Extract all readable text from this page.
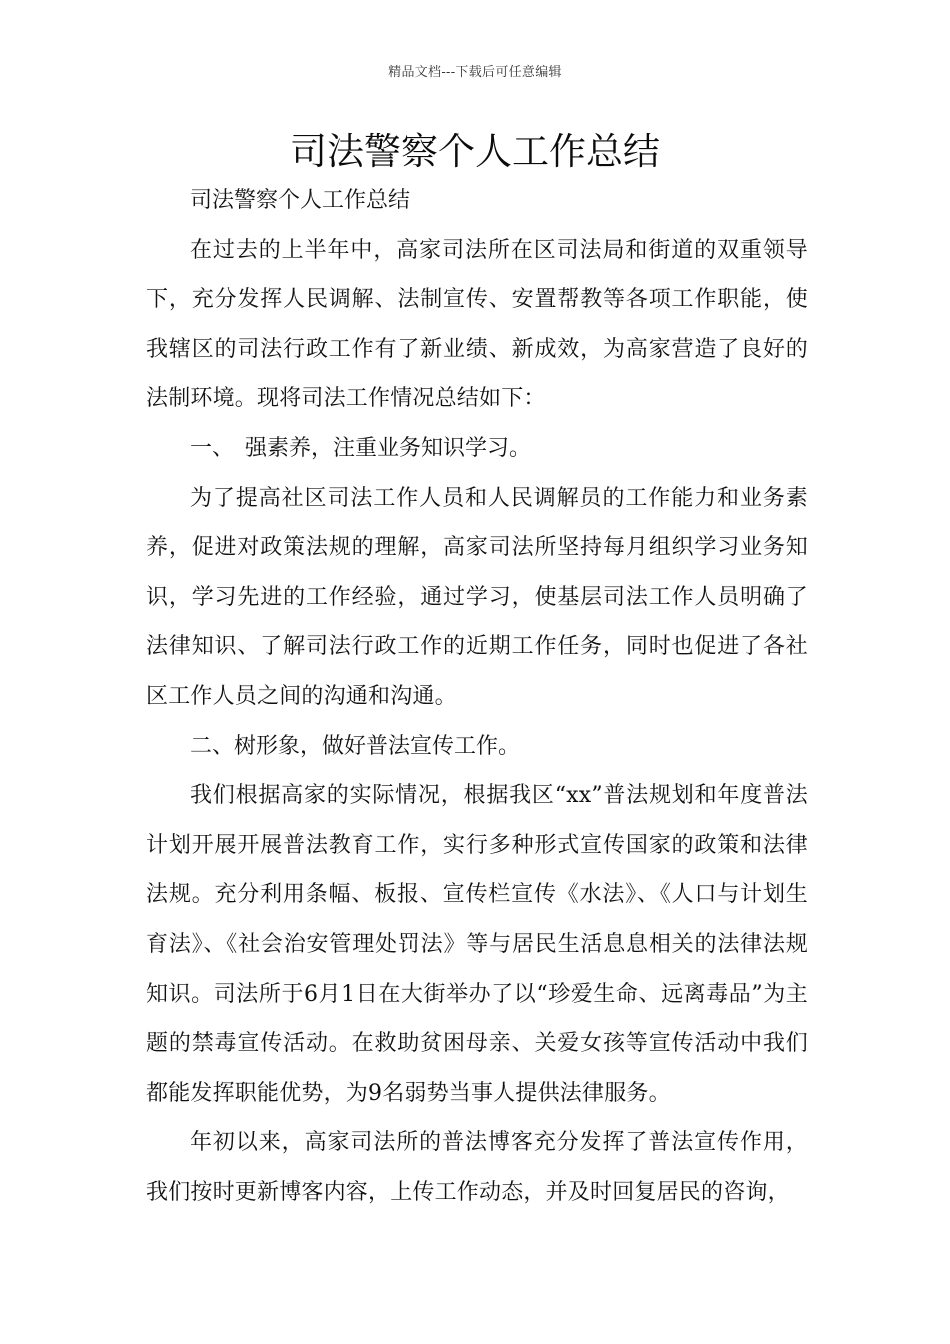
精品文档---下载后可任意编辑
司法警察个人工作总结

司法警察个人工作总结

在过去的上半年中，高家司法所在区司法局和街道的双重领导下，充分发挥人民调解、法制宣传、安置帮教等各项工作职能，使我辖区的司法行政工作有了新业绩、新成效，为高家营造了良好的法制环境。现将司法工作情况总结如下：

一、　强素养，注重业务知识学习。

为了提高社区司法工作人员和人民调解员的工作能力和业务素养，促进对政策法规的理解，高家司法所坚持每月组织学习业务知识，学习先进的工作经验，通过学习，使基层司法工作人员明确了法律知识、了解司法行政工作的近期工作任务，同时也促进了各社区工作人员之间的沟通和沟通。

二、树形象，做好普法宣传工作。

我们根据高家的实际情况，根据我区“xx”普法规划和年度普法计划开展开展普法教育工作，实行多种形式宣传国家的政策和法律法规。充分利用条幅、板报、宣传栏宣传《水法》、《人口与计划生育法》、《社会治安管理处罚法》等与居民生活息息相关的法律法规知识。司法所于6月1日在大街举办了以“珍爱生命、远离毒品”为主题的禁毒宣传活动。在救助贫困母亲、关爱女孩等宣传活动中我们都能发挥职能优势，为9名弱势当事人提供法律服务。

年初以来，高家司法所的普法博客充分发挥了普法宣传作用，我们按时更新博客内容，上传工作动态，并及时回复居民的咨询，
